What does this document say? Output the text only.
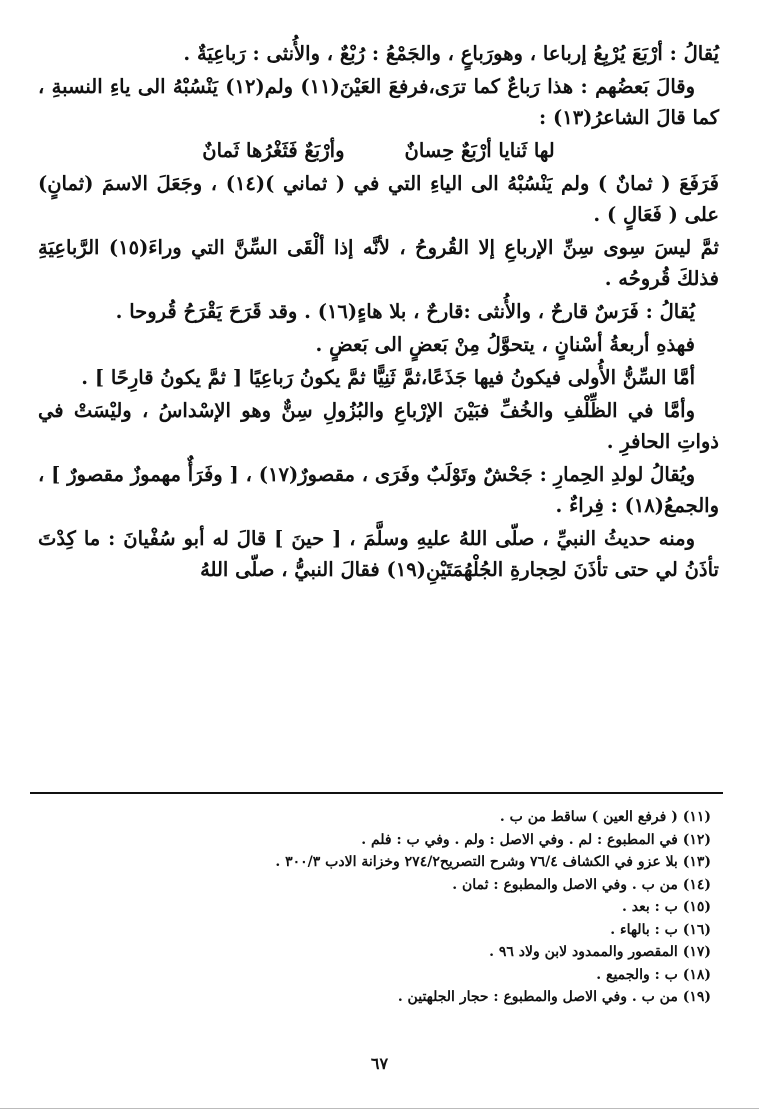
يُقالُ : أرْبَعَ يُرْبِعُ إرباعا ، وهورَباعٍ ، والجَمْعُ : رُبْعٌ ، والأُنثى : رَباعِيَةٌ .

وقالَ بَعضُهم : هذا رَباعٌ كما ترَى،فرفعَ العَيْنَ(١١) ولم(١٢) يَنْسُبْهُ الى ياءِ النسبةِ ، كما قالَ الشاعرُ(١٣) :

لها ثَنايا أرْبَعٌ حِسانٌ
وأرْبَعٌ فَثَغْرُها ثَمانٌ

فَرَفَعَ ( ثمانٌ ) ولم يَنْسُبْهُ الى الياءِ التي في ( ثماني )(١٤) ، وجَعَلَ الاسمَ (ثمانٍ) على ( فَعَالٍ ) .

ثمَّ ليسَ سِوى سِنِّ الإرباعِ إلا القُروحُ ، لأنَّه إذا ألْقَى السِّنَّ التي وراءَ(١٥) الرَّباعِيَةِ فذلكَ قُروحُه .

يُقالُ : فَرَسٌ قارحٌ ، والأُنثى :قارحٌ ، بلا هاءٍ(١٦) . وقد قَرَحَ يَقْرَحُ قُروحا .

فهذهِ أربعةُ أسْنانٍ ، يتحوَّلُ مِنْ بَعضٍ الى بَعضٍ .

أمَّا السِّنُّ الأُولى فيكونُ فيها جَذَعًا،ثمَّ ثَنِيًّا ثمَّ يكونُ رَباعِيًا [ ثمَّ يكونُ قارِحًا ] .

وأمَّا في الظِّلْفِ والخُفِّ فبَيْنَ الإرْباعِ والبُزُولِ سِنٌّ وهو الإسْداسُ ، وليْسَتْ في ذواتِ الحافرِ .

ويُقالُ لولدِ الحِمارِ : جَحْشٌ وتَوْلَبٌ وفَرَى ، مقصورٌ(١٧) ، [ وفَرَأٌ مهموزٌ مقصورٌ ] ، والجمعُ(١٨) : فِراءٌ .

ومنه حديثُ النبيِّ ، صلّى اللهُ عليهِ وسلَّمَ ، [ حينَ ] قالَ له أبو سُفْيانَ : ما كِدْتَ تأذَنُ لي حتى تأذَنَ لحِجارةِ الجُلْهُمَتَيْنِ(١٩) فقالَ النبيُّ ، صلّى اللهُ

(١١) ( فرفع العين ) ساقط من ب .

(١٢) في المطبوع : لم . وفي الاصل : ولم . وفي ب : فلم .

(١٣) بلا عزو في الكشاف ٧٦/٤ وشرح التصريح٢٧٤/٢ وخزانة الادب ٣٠٠/٣ .

(١٤) من ب . وفي الاصل والمطبوع : ثمان .

(١٥) ب : بعد .

(١٦) ب : بالهاء .

(١٧) المقصور والممدود لابن ولاد ٩٦ .

(١٨) ب : والجميع .

(١٩) من ب . وفي الاصل والمطبوع : حجار الجلهتين .

٦٧
